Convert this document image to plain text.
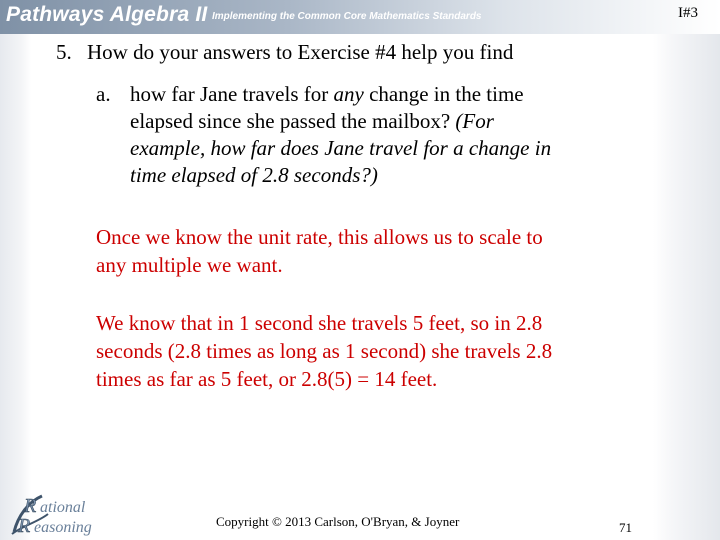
Pathways Algebra II Implementing the Common Core Mathematics Standards	I#3
5. How do your answers to Exercise #4 help you find
a. how far Jane travels for any change in the time
elapsed since she passed the mailbox? (For
example, how far does Jane travel for a change in
time elapsed of 2.8 seconds?)
Once we know the unit rate, this allows us to scale to
any multiple we want.
We know that in 1 second she travels 5 feet, so in 2.8
seconds (2.8 times as long as 1 second) she travels 2.8
times as far as 5 feet, or 2.8(5) = 14 feet.
R ational
R easoning	Copyright © 2013 Carlson, O'Bryan, & Joyner	71
